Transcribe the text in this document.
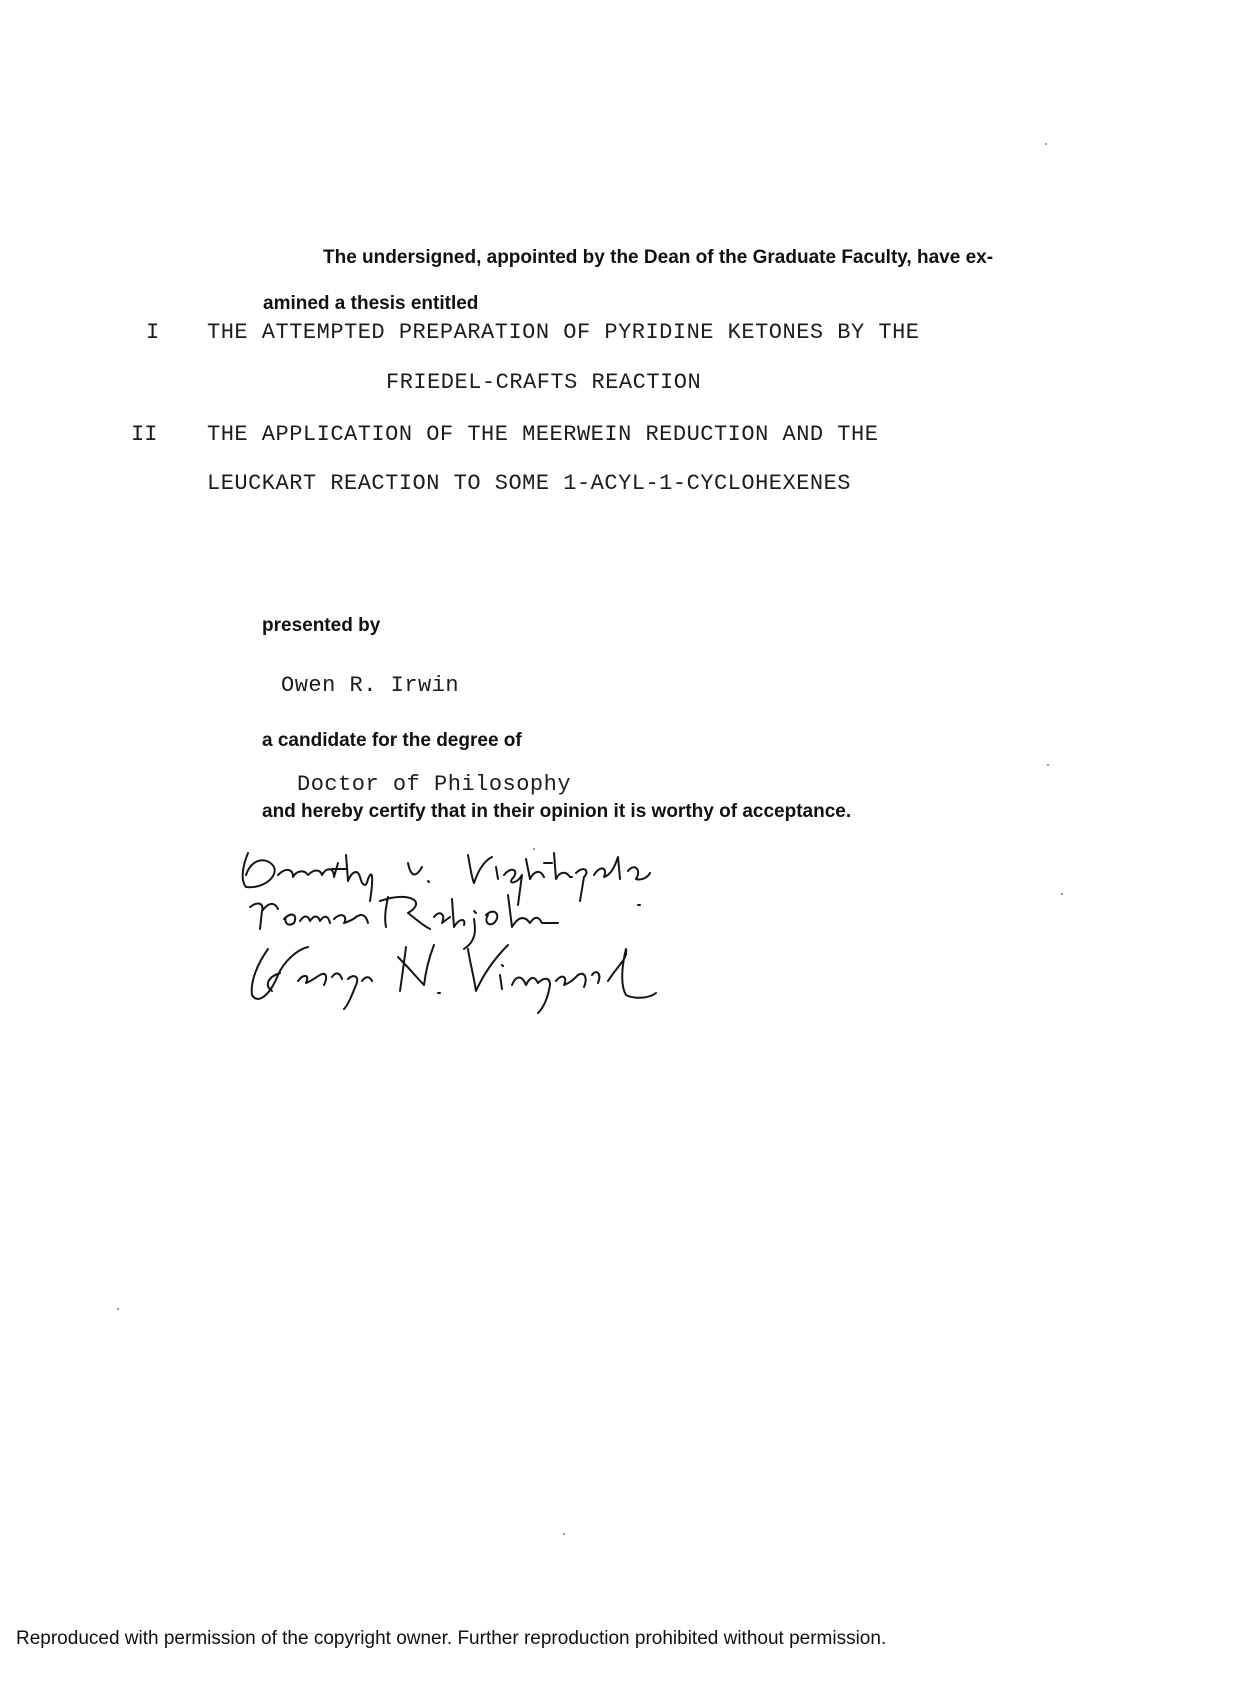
The undersigned, appointed by the Dean of the Graduate Faculty, have ex-
amined a thesis entitled
I THE ATTEMPTED PREPARATION OF PYRIDINE KETONES BY THE
FRIEDEL-CRAFTS REACTION
II THE APPLICATION OF THE MEERWEIN REDUCTION AND THE
LEUCKART REACTION TO SOME 1-ACYL-1-CYCLOHEXENES
presented by
Owen R. Irwin
a candidate for the degree of
Doctor of Philosophy
and hereby certify that in their opinion it is worthy of acceptance.
Reproduced with permission of the copyright owner. Further reproduction prohibited without permission.
